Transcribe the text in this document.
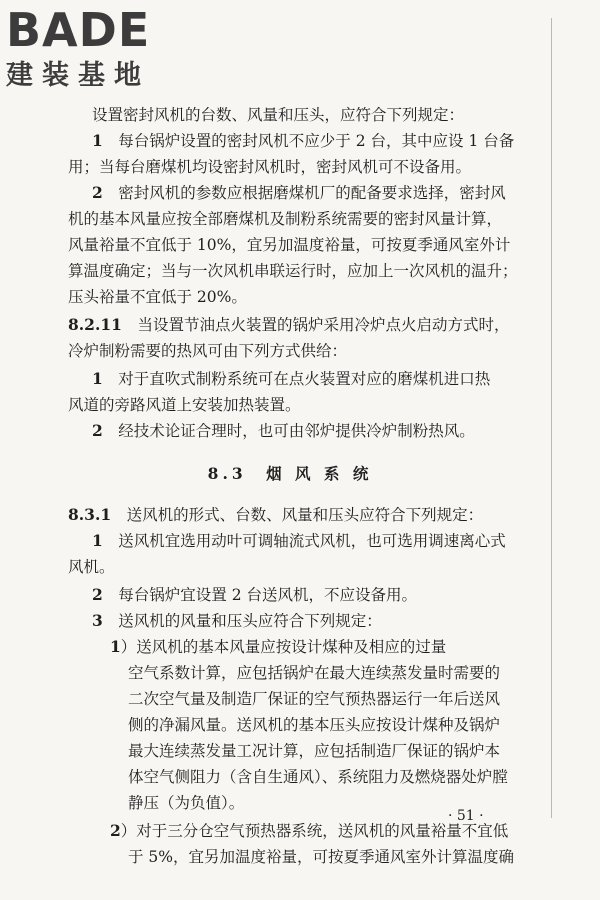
BADE
建装基地
设置密封风机的台数、风量和压头，应符合下列规定：
1　每台锅炉设置的密封风机不应少于 2 台，其中应设 1 台备
用；当每台磨煤机均设密封风机时，密封风机可不设备用。
2　密封风机的参数应根据磨煤机厂的配备要求选择，密封风
机的基本风量应按全部磨煤机及制粉系统需要的密封风量计算，
风量裕量不宜低于 10%，宜另加温度裕量，可按夏季通风室外计
算温度确定；当与一次风机串联运行时，应加上一次风机的温升；
压头裕量不宜低于 20%。
8.2.11　当设置节油点火装置的锅炉采用冷炉点火启动方式时，
冷炉制粉需要的热风可由下列方式供给：
1　对于直吹式制粉系统可在点火装置对应的磨煤机进口热
风道的旁路风道上安装加热装置。
2　经技术论证合理时，也可由邻炉提供冷炉制粉热风。
8.3　烟 风 系 统
8.3.1　送风机的形式、台数、风量和压头应符合下列规定：
1　送风机宜选用动叶可调轴流式风机，也可选用调速离心式
风机。
2　每台锅炉宜设置 2 台送风机，不应设备用。
3　送风机的风量和压头应符合下列规定：
1）送风机的基本风量应按设计煤种及相应的过量
空气系数计算，应包括锅炉在最大连续蒸发量时需要的
二次空气量及制造厂保证的空气预热器运行一年后送风
侧的净漏风量。送风机的基本压头应按设计煤种及锅炉
最大连续蒸发量工况计算，应包括制造厂保证的锅炉本
体空气侧阻力（含自生通风）、系统阻力及燃烧器处炉膛
静压（为负值）。
2）对于三分仓空气预热器系统，送风机的风量裕量不宜低
于 5%，宜另加温度裕量，可按夏季通风室外计算温度确
· 51 ·
